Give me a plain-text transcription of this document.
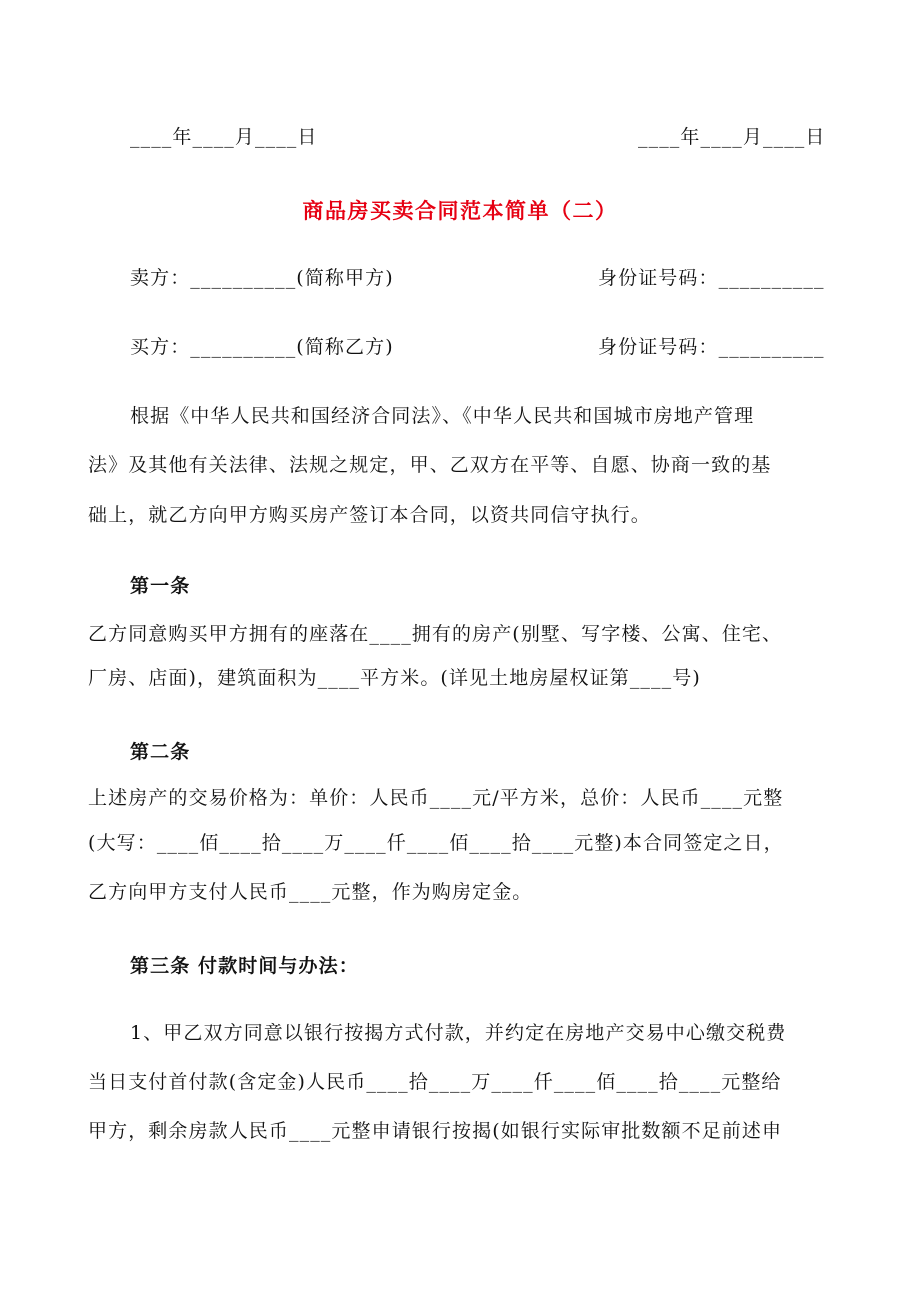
____年____月____日	____年____月____日
商品房买卖合同范本简单（二）
卖方：__________(简称甲方)	身份证号码：__________
买方：__________(简称乙方)	身份证号码：__________
根据《中华人民共和国经济合同法》、《中华人民共和国城市房地产管理
法》及其他有关法律、法规之规定，甲、乙双方在平等、自愿、协商一致的基
础上，就乙方向甲方购买房产签订本合同，以资共同信守执行。
第一条
乙方同意购买甲方拥有的座落在____拥有的房产(别墅、写字楼、公寓、住宅、
厂房、店面)，建筑面积为____平方米。(详见土地房屋权证第____号)
第二条
上述房产的交易价格为：单价：人民币____元/平方米，总价：人民币____元整
(大写：____佰____拾____万____仟____佰____拾____元整)本合同签定之日，
乙方向甲方支付人民币____元整，作为购房定金。
第三条 付款时间与办法：
1、甲乙双方同意以银行按揭方式付款，并约定在房地产交易中心缴交税费
当日支付首付款(含定金)人民币____拾____万____仟____佰____拾____元整给
甲方，剩余房款人民币____元整申请银行按揭(如银行实际审批数额不足前述申
